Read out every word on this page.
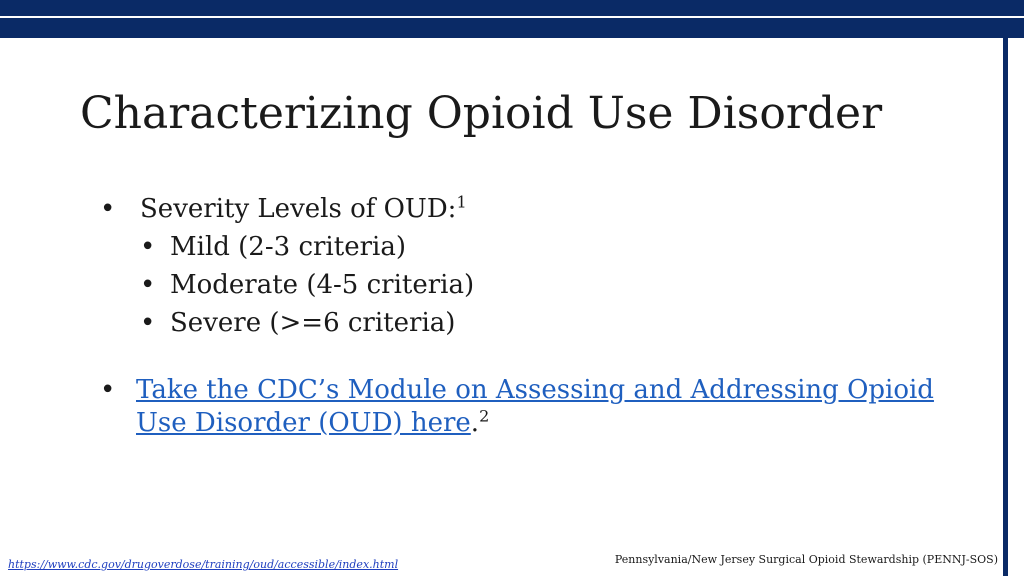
Characterizing Opioid Use Disorder
• Severity Levels of OUD:$^1$
• Mild (2-3 criteria)
• Moderate (4-5 criteria)
• Severe (>=6 criteria)
• Take the CDC’s Module on Assessing and Addressing Opioid Use Disorder (OUD) here.$^2$
https://www.cdc.gov/drugoverdose/training/oud/accessible/index.html	Pennsylvania/New Jersey Surgical Opioid Stewardship (PENNJ-SOS)
